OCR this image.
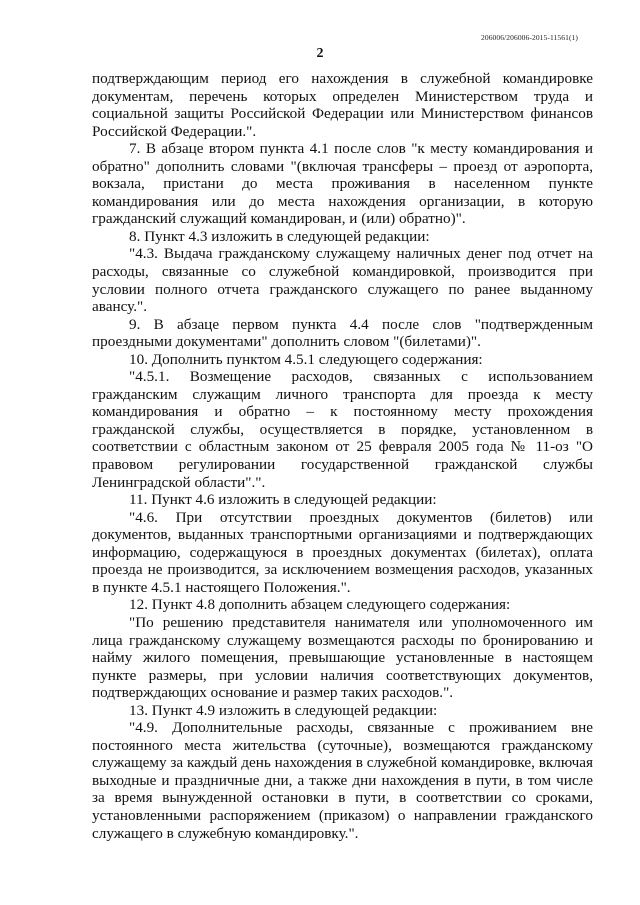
206006/206006-2015-11561(1)
2

подтверждающим период его нахождения в служебной командировке документам, перечень которых определен Министерством труда и социальной защиты Российской Федерации или Министерством финансов Российской Федерации.".

7. В абзаце втором пункта 4.1 после слов "к месту командирования и обратно" дополнить словами "(включая трансферы – проезд от аэропорта, вокзала, пристани до места проживания в населенном пункте командирования или до места нахождения организации, в которую гражданский служащий командирован, и (или) обратно)".

8. Пункт 4.3 изложить в следующей редакции:

"4.3. Выдача гражданскому служащему наличных денег под отчет на расходы, связанные со служебной командировкой, производится при условии полного отчета гражданского служащего по ранее выданному авансу.".

9. В абзаце первом пункта 4.4 после слов "подтвержденным проездными документами" дополнить словом "(билетами)".

10. Дополнить пунктом 4.5.1 следующего содержания:

"4.5.1. Возмещение расходов, связанных с использованием гражданским служащим личного транспорта для проезда к месту командирования и обратно – к постоянному месту прохождения гражданской службы, осуществляется в порядке, установленном в соответствии с областным законом от 25 февраля 2005 года № 11-оз "О правовом регулировании государственной гражданской службы Ленинградской области".".

11. Пункт 4.6 изложить в следующей редакции:

"4.6. При отсутствии проездных документов (билетов) или документов, выданных транспортными организациями и подтверждающих информацию, содержащуюся в проездных документах (билетах), оплата проезда не производится, за исключением возмещения расходов, указанных в пункте 4.5.1 настоящего Положения.".

12. Пункт 4.8 дополнить абзацем следующего содержания:

"По решению представителя нанимателя или уполномоченного им лица гражданскому служащему возмещаются расходы по бронированию и найму жилого помещения, превышающие установленные в настоящем пункте размеры, при условии наличия соответствующих документов, подтверждающих основание и размер таких расходов.".

13. Пункт 4.9 изложить в следующей редакции:

"4.9. Дополнительные расходы, связанные с проживанием вне постоянного места жительства (суточные), возмещаются гражданскому служащему за каждый день нахождения в служебной командировке, включая выходные и праздничные дни, а также дни нахождения в пути, в том числе за время вынужденной остановки в пути, в соответствии со сроками, установленными распоряжением (приказом) о направлении гражданского служащего в служебную командировку.".
